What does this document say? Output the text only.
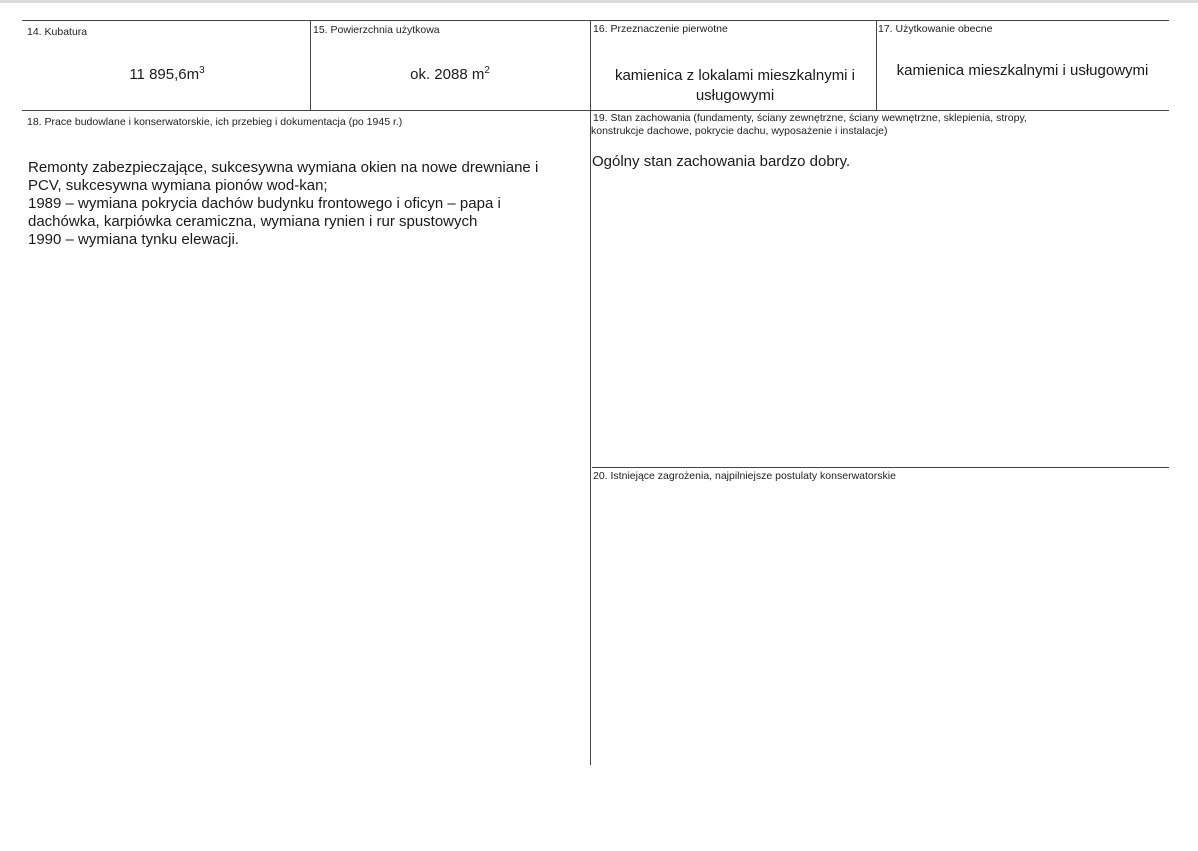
14. Kubatura
11 $895,6m^3$
15. Powierzchnia użytkowa
ok. 2088 $m^2$
16. Przeznaczenie pierwotne
kamienica z lokalami mieszkalnymi i usługowymi
17. Użytkowanie obecne
kamienica mieszkalnymi i usługowymi
18. Prace budowlane i konserwatorskie, ich przebieg i dokumentacja (po 1945 r.)
Remonty zabezpieczające, sukcesywna wymiana okien na nowe drewniane i
PCV, sukcesywna wymiana pionów wod-kan;
1989 – wymiana pokrycia dachów budynku frontowego i oficyn – papa i
dachówka, karpiówka ceramiczna, wymiana rynien i rur spustowych
1990 – wymiana tynku elewacji.
19. Stan zachowania (fundamenty, ściany zewnętrzne, ściany wewnętrzne, sklepienia, stropy,
konstrukcje dachowe, pokrycie dachu, wyposażenie i instalacje)
Ogólny stan zachowania bardzo dobry.
20. Istniejące zagrożenia, najpilniejsze postulaty konserwatorskie
